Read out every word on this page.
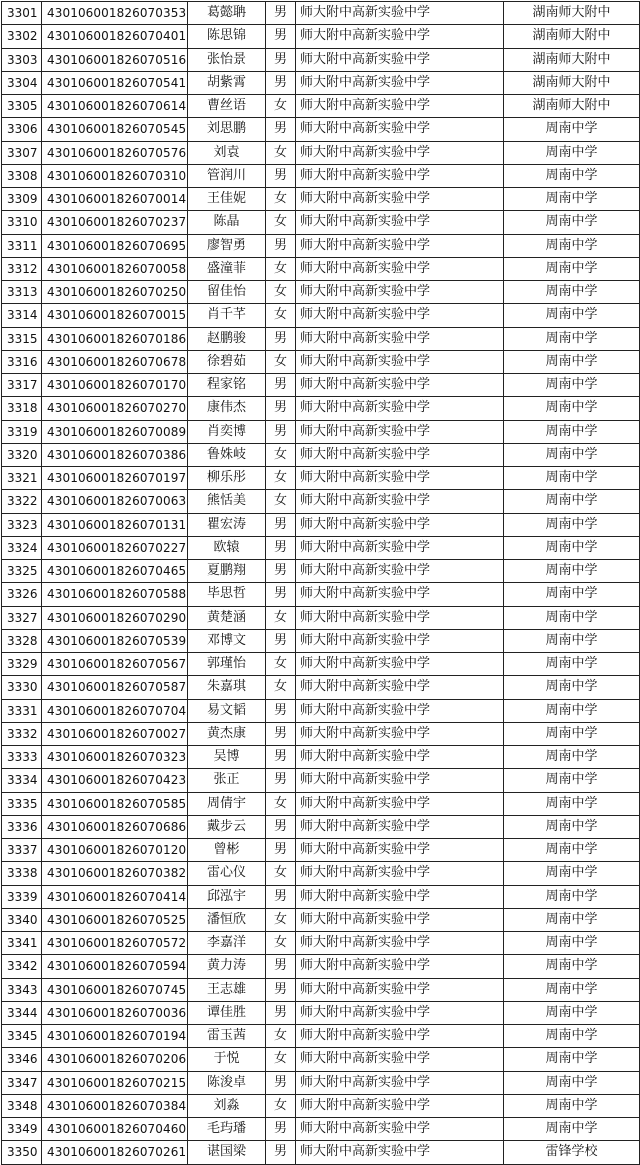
3301	430106001826070353	葛懿聃	男	师大附中高新实验中学	湖南师大附中
3302	430106001826070401	陈思锦	男	师大附中高新实验中学	湖南师大附中
3303	430106001826070516	张怡景	男	师大附中高新实验中学	湖南师大附中
3304	430106001826070541	胡紫霄	男	师大附中高新实验中学	湖南师大附中
3305	430106001826070614	曹丝语	女	师大附中高新实验中学	湖南师大附中
3306	430106001826070545	刘思鹏	男	师大附中高新实验中学	周南中学
3307	430106001826070576	刘袁	女	师大附中高新实验中学	周南中学
3308	430106001826070310	管润川	男	师大附中高新实验中学	周南中学
3309	430106001826070014	王佳妮	女	师大附中高新实验中学	周南中学
3310	430106001826070237	陈晶	女	师大附中高新实验中学	周南中学
3311	430106001826070695	廖智勇	男	师大附中高新实验中学	周南中学
3312	430106001826070058	盛潼菲	女	师大附中高新实验中学	周南中学
3313	430106001826070250	留佳怡	女	师大附中高新实验中学	周南中学
3314	430106001826070015	肖千芊	女	师大附中高新实验中学	周南中学
3315	430106001826070186	赵鹏骏	男	师大附中高新实验中学	周南中学
3316	430106001826070678	徐碧茹	女	师大附中高新实验中学	周南中学
3317	430106001826070170	程家铭	男	师大附中高新实验中学	周南中学
3318	430106001826070270	康伟杰	男	师大附中高新实验中学	周南中学
3319	430106001826070089	肖奕博	男	师大附中高新实验中学	周南中学
3320	430106001826070386	鲁姝岐	女	师大附中高新实验中学	周南中学
3321	430106001826070197	柳乐彤	女	师大附中高新实验中学	周南中学
3322	430106001826070063	熊恬美	女	师大附中高新实验中学	周南中学
3323	430106001826070131	瞿宏涛	男	师大附中高新实验中学	周南中学
3324	430106001826070227	欧辕	男	师大附中高新实验中学	周南中学
3325	430106001826070465	夏鹏翔	男	师大附中高新实验中学	周南中学
3326	430106001826070588	毕思哲	男	师大附中高新实验中学	周南中学
3327	430106001826070290	黄楚涵	女	师大附中高新实验中学	周南中学
3328	430106001826070539	邓博文	男	师大附中高新实验中学	周南中学
3329	430106001826070567	郭瑾怡	女	师大附中高新实验中学	周南中学
3330	430106001826070587	朱嘉琪	女	师大附中高新实验中学	周南中学
3331	430106001826070704	易文韬	男	师大附中高新实验中学	周南中学
3332	430106001826070027	黄杰康	男	师大附中高新实验中学	周南中学
3333	430106001826070323	吴博	男	师大附中高新实验中学	周南中学
3334	430106001826070423	张正	男	师大附中高新实验中学	周南中学
3335	430106001826070585	周倩宇	女	师大附中高新实验中学	周南中学
3336	430106001826070686	戴步云	男	师大附中高新实验中学	周南中学
3337	430106001826070120	曾彬	男	师大附中高新实验中学	周南中学
3338	430106001826070382	雷心仪	女	师大附中高新实验中学	周南中学
3339	430106001826070414	邱泓宇	男	师大附中高新实验中学	周南中学
3340	430106001826070525	潘恒欣	女	师大附中高新实验中学	周南中学
3341	430106001826070572	李嘉洋	女	师大附中高新实验中学	周南中学
3342	430106001826070594	黄力涛	男	师大附中高新实验中学	周南中学
3343	430106001826070745	王志雄	男	师大附中高新实验中学	周南中学
3344	430106001826070036	谭佳胜	男	师大附中高新实验中学	周南中学
3345	430106001826070194	雷玉茜	女	师大附中高新实验中学	周南中学
3346	430106001826070206	于悦	女	师大附中高新实验中学	周南中学
3347	430106001826070215	陈浚卓	男	师大附中高新实验中学	周南中学
3348	430106001826070384	刘淼	女	师大附中高新实验中学	周南中学
3349	430106001826070460	毛玙璠	男	师大附中高新实验中学	周南中学
3350	430106001826070261	谌国梁	男	师大附中高新实验中学	雷锋学校
